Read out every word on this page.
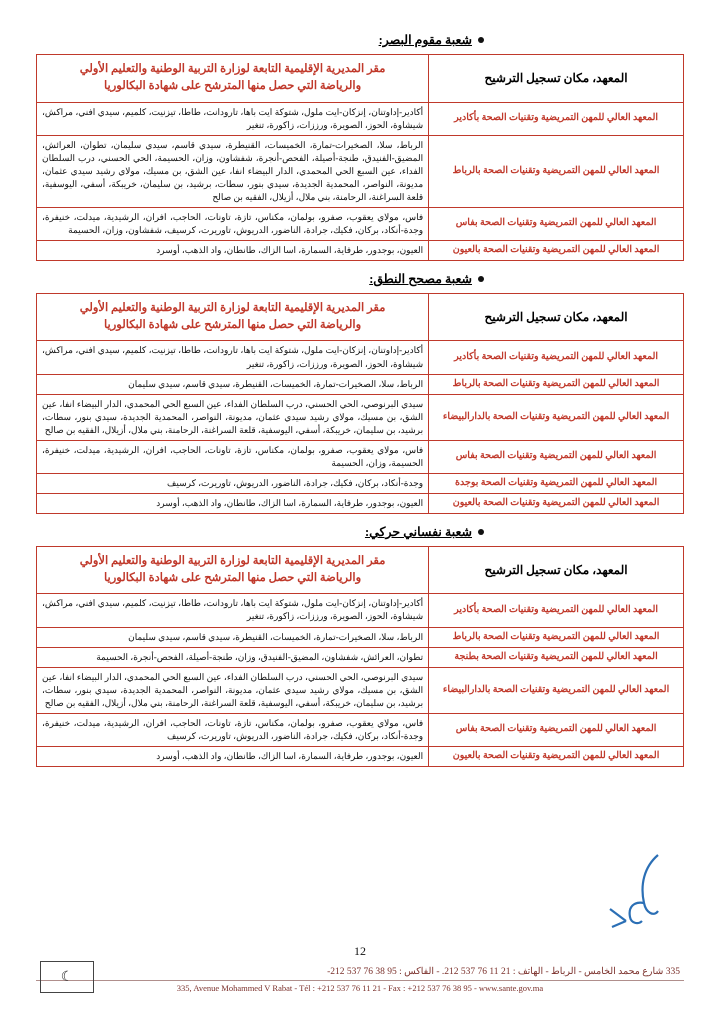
شعبة مقوم البصر:
المعهد، مكان تسجيل الترشيح	مقر المديرية الإقليمية التابعة لوزارة التربية الوطنية والتعليم الأولي
والرياضة التي حصل منها المترشح على شهادة البكالوريا

المعهد العالي للمهن التمريضية وتقنيات الصحة بأكادير	أكادير-إداوتنان، إنزكان-ايت ملول، شتوكة ايت باها، تارودانت، طاطا، تيزنيت، كلميم، سيدي افني، مراكش، شيشاوة، الحوز، الصويرة، ورززات، زاكورة، تنغير
المعهد العالي للمهن التمريضية وتقنيات الصحة بالرباط	الرباط، سلا، الصخيرات-تمارة، الخميسات، القنيطرة، سيدي قاسم، سيدي سليمان، تطوان، العرائش، المضيق-الفنيدق، طنجة-أصيلة، الفحص-أنجرة، شفشاون، وزان، الحسيمة، الحي الحسني، درب السلطان الفداء، عين السبع الحي المحمدي، الدار البيضاء انفا، عين الشق، بن مسيك، مولاي رشيد سيدي عثمان، مديونة، النواصر، المحمدية الجديدة، سيدي بنور، سطات، برشيد، بن سليمان، خريبكة، أسفي، اليوسفية، قلعة السراغنة، الرحامنة، بني ملال، أزيلال، الفقيه بن صالح
المعهد العالي للمهن التمريضية وتقنيات الصحة بفاس	فاس، مولاي يعقوب، صفرو، بولمان، مكناس، تازة، تاونات، الحاجب، افران، الرشيدية، ميدلت، خنيفرة، وجدة-أنكاد، بركان، فكيك، جرادة، الناضور، الدريوش، تاوريرت، كرسيف، شفشاون، وزان، الحسيمة
المعهد العالي للمهن التمريضية وتقنيات الصحة بالعيون	العيون، بوجدور، طرفاية، السمارة، اسا الزاك، طانطان، واد الذهب، أوسرد
شعبة مصحح النطق:
المعهد، مكان تسجيل الترشيح	مقر المديرية الإقليمية التابعة لوزارة التربية الوطنية والتعليم الأولي
والرياضة التي حصل منها المترشح على شهادة البكالوريا

المعهد العالي للمهن التمريضية وتقنيات الصحة بأكادير	أكادير-إداوتنان، إنزكان-ايت ملول، شتوكة ايت باها، تارودانت، طاطا، تيزنيت، كلميم، سيدي افني، مراكش، شيشاوة، الحوز، الصويرة، ورززات، زاكورة، تنغير
المعهد العالي للمهن التمريضية وتقنيات الصحة بالرباط	الرباط، سلا، الصخيرات-تمارة، الخميسات، القنيطرة، سيدي قاسم، سيدي سليمان
المعهد العالي للمهن التمريضية وتقنيات الصحة بالدارالبيضاء	سيدي البرنوصي، الحي الحسني، درب السلطان الفداء، عين السبع الحي المحمدي، الدار البيضاء انفا، عين الشق، بن مسيك، مولاي رشيد سيدي عثمان، مديونة، النواصر، المحمدية الجديدة، سيدي بنور، سطات، برشيد، بن سليمان، خريبكة، أسفي، اليوسفية، قلعة السراغنة، الرحامنة، بني ملال، أزيلال، الفقيه بن صالح
المعهد العالي للمهن التمريضية وتقنيات الصحة بفاس	فاس، مولاي يعقوب، صفرو، بولمان، مكناس، تازة، تاونات، الحاجب، افران، الرشيدية، ميدلت، خنيفرة، الحسيمة، وزان، الحسيمة
المعهد العالي للمهن التمريضية وتقنيات الصحة بوجدة	وجدة-أنكاد، بركان، فكيك، جرادة، الناضور، الدريوش، تاوريرت، كرسيف
المعهد العالي للمهن التمريضية وتقنيات الصحة بالعيون	العيون، بوجدور، طرفاية، السمارة، اسا الزاك، طانطان، واد الذهب، أوسرد
شعبة نفساني حركي:
المعهد، مكان تسجيل الترشيح	مقر المديرية الإقليمية التابعة لوزارة التربية الوطنية والتعليم الأولي
والرياضة التي حصل منها المترشح على شهادة البكالوريا

المعهد العالي للمهن التمريضية وتقنيات الصحة بأكادير	أكادير-إداوتنان، إنزكان-ايت ملول، شتوكة ايت باها، تارودانت، طاطا، تيزنيت، كلميم، سيدي افني، مراكش، شيشاوة، الحوز، الصويرة، ورززات، زاكورة، تنغير
المعهد العالي للمهن التمريضية وتقنيات الصحة بالرباط	الرباط، سلا، الصخيرات-تمارة، الخميسات، القنيطرة، سيدي قاسم، سيدي سليمان
المعهد العالي للمهن التمريضية وتقنيات الصحة بطنجة	تطوان، العرائش، شفشاون، المضيق-الفنيدق، وزان، طنجة-أصيلة، الفحص-أنجرة، الحسيمة
المعهد العالي للمهن التمريضية وتقنيات الصحة بالدارالبيضاء	سيدي البرنوصي، الحي الحسني، درب السلطان الفداء، عين السبع الحي المحمدي، الدار البيضاء انفا، عين الشق، بن مسيك، مولاي رشيد سيدي عثمان، مديونة، النواصر، المحمدية الجديدة، سيدي بنور، سطات، برشيد، بن سليمان، خريبكة، أسفي، اليوسفية، قلعة السراغنة، الرحامنة، بني ملال، أزيلال، الفقيه بن صالح
المعهد العالي للمهن التمريضية وتقنيات الصحة بفاس	فاس، مولاي يعقوب، صفرو، بولمان، مكناس، تازة، تاونات، الحاجب، افران، الرشيدية، ميدلت، خنيفرة، وجدة-أنكاد، بركان، فكيك، جرادة، الناضور، الدريوش، تاوريرت، كرسيف
المعهد العالي للمهن التمريضية وتقنيات الصحة بالعيون	العيون، بوجدور، طرفاية، السمارة، اسا الزاك، طانطان، واد الذهب، أوسرد
12
335 شارع محمد الخامس - الرباط - الهاتف : 21 11 76 537 212. - الفاكس : 95 38 76 537 212-
335, Avenue Mohammed V Rabat - Tél : +212 537 76 11 21 - Fax : +212 537 76 38 95 - www.sante.gov.ma
☾
